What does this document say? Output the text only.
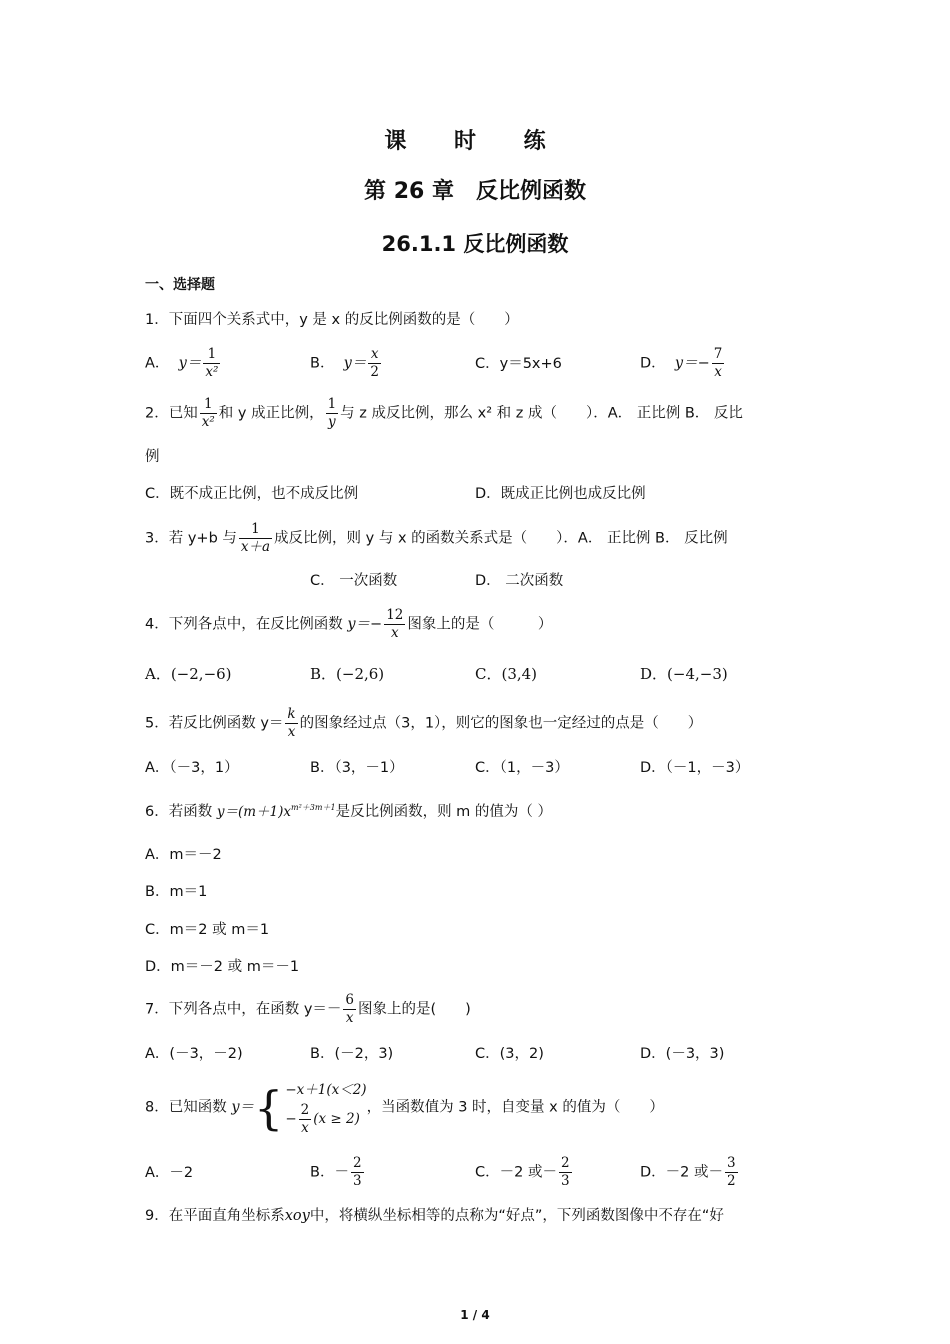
课 时 练
第 26 章　反比例函数
26.1.1 反比例函数
一、选择题
1．下面四个关系式中，y 是 x 的反比例函数的是（　　）
A． $y= \frac{1}{\text{x²}}$	B． $y= \frac{x}{2}$	C．y＝5x+6	D． $y=- \frac{7}{x}$
2．已知 $\frac{1}{\text{x²}}$ 和 y 成正比例， $\frac{1}{y}$ 与 z 成反比例，那么 x² 和 z 成（　　）．A． 正比例 B． 反比
例
C．既不成正比例，也不成反比例	D．既成正比例也成反比例
3．若 y+b 与 $\frac{1}{x+a}$ 成反比例，则 y 与 x 的函数关系式是（　　）．A． 正比例 B． 反比例
C． 一次函数	D． 二次函数
4．下列各点中，在反比例函数 $y=- \frac{12}{x}$ 图象上的是（　　　）
A．(−2,−6)	B．(−2,6)	C．(3,4)	D．(−4,−3)
5．若反比例函数 $y= \frac{k}{x}$ 的图象经过点（3，1），则它的图象也一定经过的点是（　　）
A．（－3，1）	B．（3，－1）	C．（1，－3）	D．（－1，－3）
6．若函数 $y=(m+1)x^{m^2+3m+1}$是反比例函数，则 m 的值为（ ）
A．m＝－2
B．m＝1
C．m＝2 或 m＝1
D．m＝－2 或 m＝－1
7．下列各点中，在函数 $y=- \frac{6}{x}$ 图象上的是(　　)
A．(－3，－2)	B．(－2，3)	C．(3，2)	D．(－3，3)
8．已知函数 y＝{ −x＋1(x＜2)
− $\frac{2}{x} (x \ge 2)$
，当函数值为 3 时，自变量 x 的值为（　　）
A．－2	B．－ $\frac{2}{3}$	C．－2 或－ $\frac{2}{3}$	D．－2 或－ $\frac{3}{2}$
9．在平面直角坐标系xoy中，将横纵坐标相等的点称为“好点”，下列函数图像中不存在“好
1 / 4
